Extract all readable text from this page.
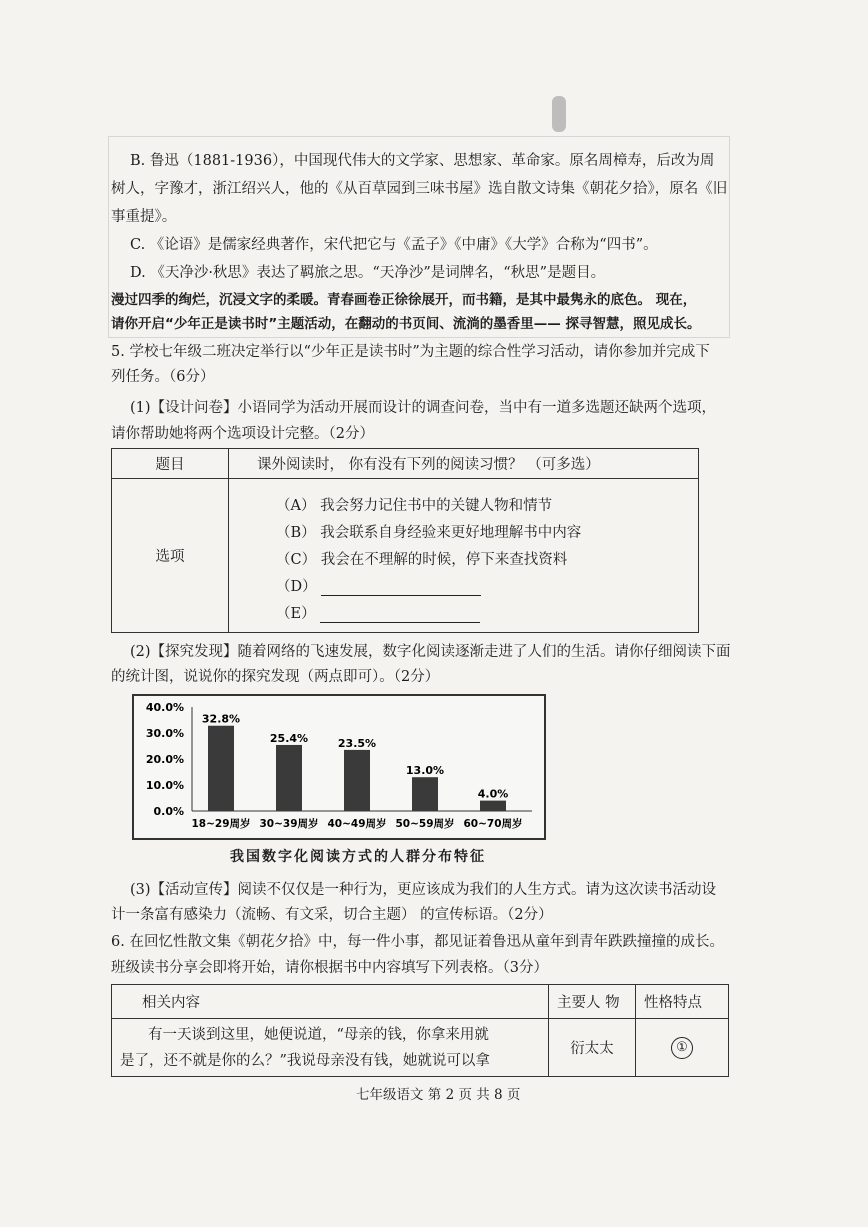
B. 鲁迅（1881-1936），中国现代伟大的文学家、思想家、革命家。原名周樟寿，后改为周
树人，字豫才，浙江绍兴人，他的《从百草园到三味书屋》选自散文诗集《朝花夕拾》，原名《旧
事重提》。
C. 《论语》是儒家经典著作，宋代把它与《孟子》《中庸》《大学》合称为“四书”。
D. 《天净沙·秋思》表达了羁旅之思。“天净沙”是词牌名，“秋思”是题目。
漫过四季的绚烂，沉浸文字的柔暖。青春画卷正徐徐展开，而书籍，是其中最隽永的底色。 现在，
请你开启“少年正是读书时”主题活动，在翻动的书页间、流淌的墨香里—— 探寻智慧，照见成长。
5. 学校七年级二班决定举行以“少年正是读书时”为主题的综合性学习活动，请你参加并完成下
列任务。（6分）
(1)【设计问卷】小语同学为活动开展而设计的调查问卷，当中有一道多选题还缺两个选项，
请你帮助她将两个选项设计完整。（2分）
题目	课外阅读时， 你有没有下列的阅读习惯？ （可多选）
选项	
（A） 我会努力记住书中的关键人物和情节
（B） 我会联系自身经验来更好地理解书中内容
（C） 我会在不理解的时候，停下来查找资料
（D）
（E）
(2)【探究发现】随着网络的飞速发展，数字化阅读逐渐走进了人们的生活。请你仔细阅读下面
的统计图，说说你的探究发现（两点即可）。（2分）
0.0%
10.0%
20.0%
30.0%
40.0%
32.8%
18~29周岁
25.4%
30~39周岁
23.5%
40~49周岁
13.0%
50~59周岁
4.0%
60~70周岁
我国数字化阅读方式的人群分布特征
(3)【活动宣传】阅读不仅仅是一种行为，更应该成为我们的人生方式。请为这次读书活动设
计一条富有感染力（流畅、有文采，切合主题） 的宣传标语。（2分）
6. 在回忆性散文集《朝花夕拾》中，每一件小事，都见证着鲁迅从童年到青年跌跌撞撞的成长。
班级读书分享会即将开始，请你根据书中内容填写下列表格。（3分）
相关内容	主要人 物	性格特点

有一天谈到这里，她便说道，“母亲的钱，你拿来用就
是了，还不就是你的么？”我说母亲没有钱，她就说可以拿	衍太太	①
七年级语文 第 2 页 共 8 页
